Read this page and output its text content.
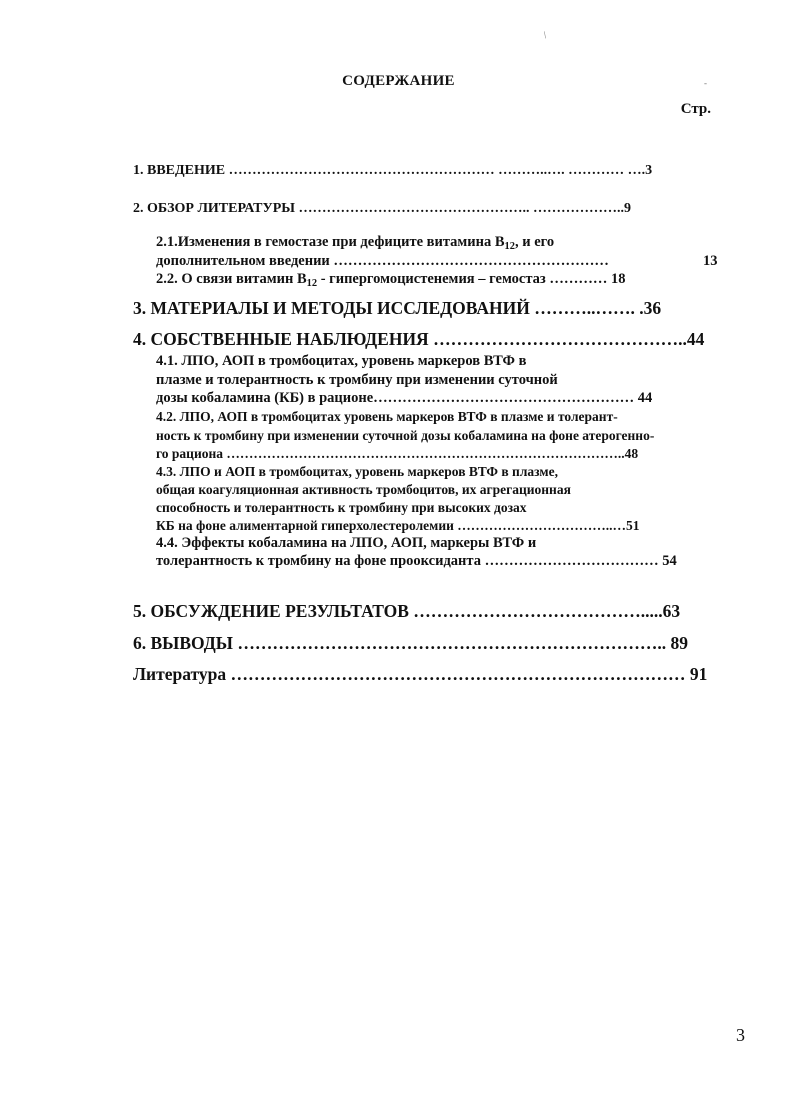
/
-
СОДЕРЖАНИЕ
Стр.
1. ВВЕДЕНИЕ ………………………………………………… ………..…. ………… ….3
2. ОБЗОР ЛИТЕРАТУРЫ ………………………………………….. ………………..9
2.1.Изменения в гемостазе при дефиците витамина $B_{12}$, и его
дополнительном введении …………………………………………………	13
2.2. О связи витамин $B_{12}$ - гипергомоцистенемия – гемостаз ………… 18
3. МАТЕРИАЛЫ И МЕТОДЫ ИССЛЕДОВАНИЙ ………..……. .36
4. СОБСТВЕННЫЕ НАБЛЮДЕНИЯ ……………………………………..44
4.1. ЛПО, АОП в тромбоцитах, уровень маркеров ВТФ в
плазме и толерантность к тромбину при изменении суточной
дозы кобаламина (КБ) в рационе……………………………………………… 44
4.2. ЛПО, АОП в тромбоцитах уровень маркеров ВТФ в плазме и толерант-
ность к тромбину при изменении суточной дозы кобаламина на фоне атерогенно-
го рациона ……………………………………………………………………………..48
4.3. ЛПО и АОП в тромбоцитах, уровень маркеров ВТФ в плазме,
общая коагуляционная активность тромбоцитов, их агрегационная
способность и толерантность к тромбину при высоких дозах
КБ на фоне алиментарной гиперхолестеролемии ……………………………..…51
4.4. Эффекты кобаламина на ЛПО, АОП, маркеры ВТФ и
толерантность к тромбину на фоне прооксиданта ……………………………… 54
5. ОБСУЖДЕНИЕ РЕЗУЛЬТАТОВ ………………………………….....63
6. ВЫВОДЫ ……………………………………………………………….. 89
Литература …………………………………………………………………… 91
3
